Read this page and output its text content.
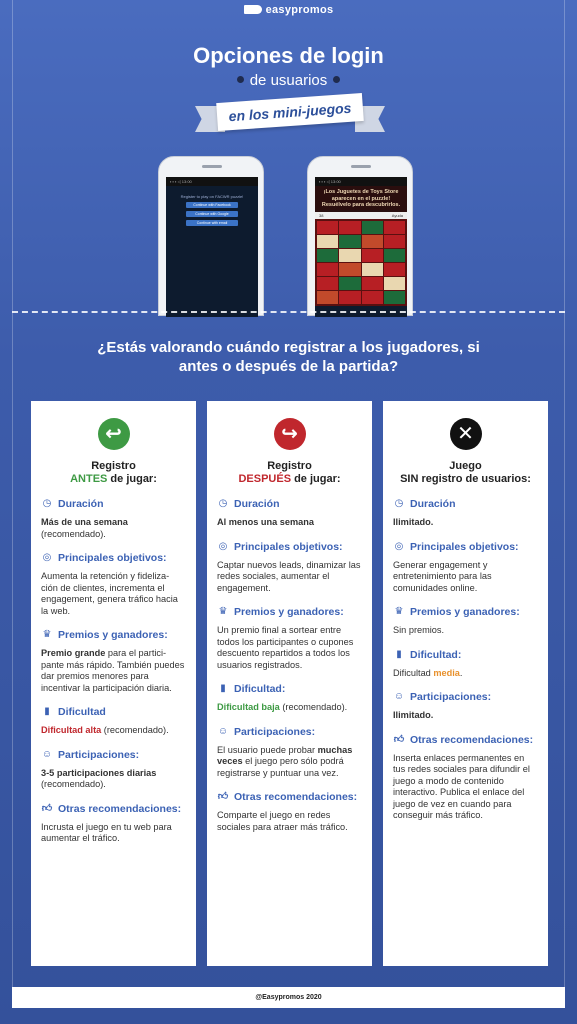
easypromos
Opciones de login
de usuarios
en los mini-juegos
▪ ▪ ▪ ◁ 13:00
Register to play on FACWR puzzle!
Continue with Facebook
Continue with Google
Continue with email
▪ ▪ ▪ ◁ 13:00
¡Los Juguetes de Toys Store aparecen en el puzzle! Resuélvelo para descubrirlos.
38	Ayuda
¿Estás valorando cuándo registrar a los jugadores, si antes o después de la partida?
↩
Registro
ANTES de jugar:
◷ Duración
Más de una semana
(recomendado).
◎ Principales objetivos:
Aumenta la retención y fideliza- ción de clientes, incrementa el engagement, genera tráfico hacia la web.
♛ Premios y ganadores:
Premio grande para el partici- pante más rápido. También puedes dar premios menores para incentivar la participación diaria.
▮ Dificultad
Dificultad alta (recomendado).
☺ Participaciones:
3-5 participaciones diarias
(recomendado).
👍︎ Otras recomendaciones:
Incrusta el juego en tu web para aumentar el tráfico.
↪
Registro
DESPUÉS de jugar:
◷ Duración
Al menos una semana

◎ Principales objetivos:
Captar nuevos leads, dinamizar las redes sociales, aumentar el engagement.
♛ Premios y ganadores:
Un premio final a sortear entre todos los participantes o cupones descuento repartidos a todos los usuarios registrados.
▮ Dificultad:
Dificultad baja (recomendado).
☺ Participaciones:
El usuario puede probar muchas veces el juego pero sólo podrá registrarse y puntuar una vez.
👍︎ Otras recomendaciones:
Comparte el juego en redes sociales para atraer más tráfico.
✕
Juego
SIN registro de usuarios:
◷ Duración
Ilimitado.

◎ Principales objetivos:
Generar engagement y entretenimiento para las comunidades online.
♛ Premios y ganadores:
Sin premios.
▮ Dificultad:
Dificultad media.
☺ Participaciones:
Ilimitado.
👍︎ Otras recomendaciones:
Inserta enlaces permanentes en tus redes sociales para difundir el juego a modo de contenido interactivo. Publica el enlace del juego de vez en cuando para conseguir más tráfico.
@Easypromos 2020
